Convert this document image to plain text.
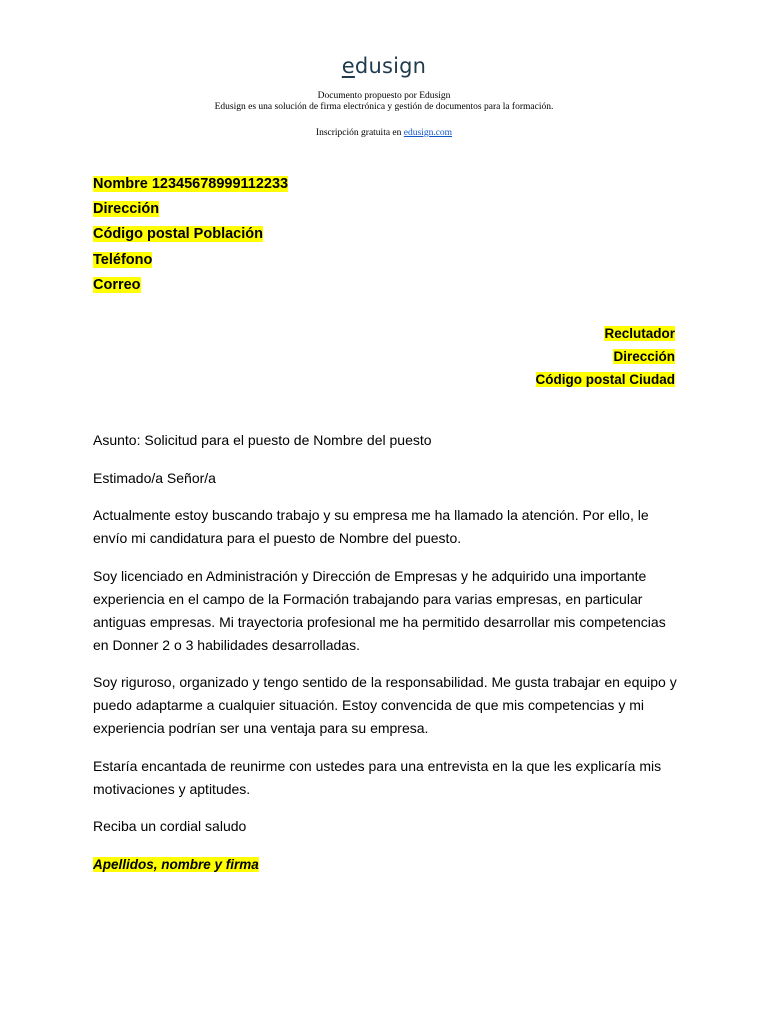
edusign
Documento propuesto por Edusign
Edusign es una solución de firma electrónica y gestión de documentos para la formación.
Inscripción gratuita en edusign.com
Nombre 12345678999112233
Dirección
Código postal Población
Teléfono
Correo
Reclutador
Dirección
Código postal Ciudad

Asunto: Solicitud para el puesto de Nombre del puesto

Estimado/a Señor/a

Actualmente estoy buscando trabajo y su empresa me ha llamado la atención. Por ello, le envío mi candidatura para el puesto de Nombre del puesto.

Soy licenciado en Administración y Dirección de Empresas y he adquirido una importante experiencia en el campo de la Formación trabajando para varias empresas, en particular antiguas empresas. Mi trayectoria profesional me ha permitido desarrollar mis competencias en Donner 2 o 3 habilidades desarrolladas.

Soy riguroso, organizado y tengo sentido de la responsabilidad. Me gusta trabajar en equipo y puedo adaptarme a cualquier situación. Estoy convencida de que mis competencias y mi experiencia podrían ser una ventaja para su empresa.

Estaría encantada de reunirme con ustedes para una entrevista en la que les explicaría mis motivaciones y aptitudes.

Reciba un cordial saludo

Apellidos, nombre y firma
